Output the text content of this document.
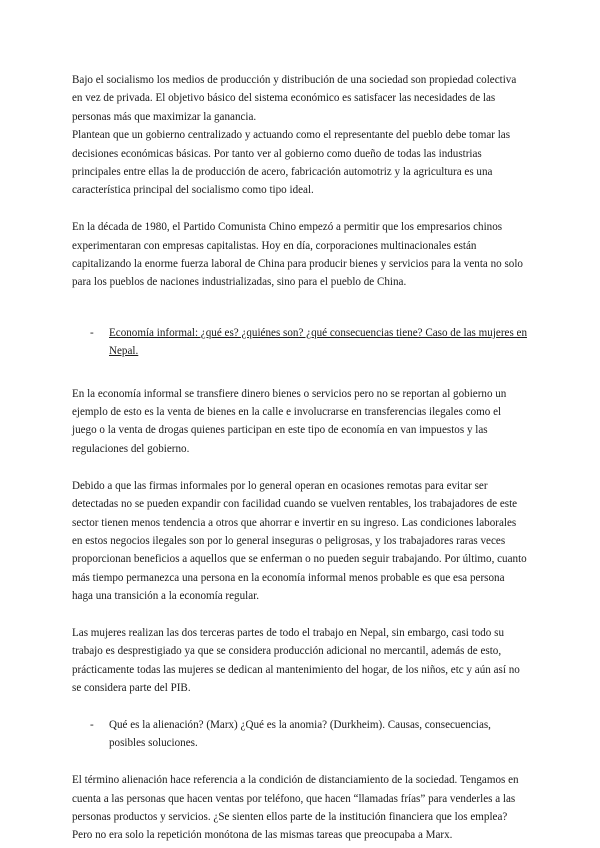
Bajo el socialismo los medios de producción y distribución de una sociedad son propiedad colectiva en vez de privada. El objetivo básico del sistema económico es satisfacer las necesidades de las personas más que maximizar la ganancia.

Plantean que un gobierno centralizado y actuando como el representante del pueblo debe tomar las decisiones económicas básicas. Por tanto ver al gobierno como dueño de todas las industrias principales entre ellas la de producción de acero, fabricación automotriz y la agricultura es una característica principal del socialismo como tipo ideal.

En la década de 1980, el Partido Comunista Chino empezó a permitir que los empresarios chinos experimentaran con empresas capitalistas. Hoy en día, corporaciones multinacionales están capitalizando la enorme fuerza laboral de China para producir bienes y servicios para la venta no solo para los pueblos de naciones industrializadas, sino para el pueblo de China.

- Economía informal: ¿qué es? ¿quiénes son? ¿qué consecuencias tiene? Caso de las mujeres en Nepal.

En la economía informal se transfiere dinero bienes o servicios pero no se reportan al gobierno un ejemplo de esto es la venta de bienes en la calle e involucrarse en transferencias ilegales como el juego o la venta de drogas quienes participan en este tipo de economía en van impuestos y las regulaciones del gobierno.

Debido a que las firmas informales por lo general operan en ocasiones remotas para evitar ser detectadas no se pueden expandir con facilidad cuando se vuelven rentables, los trabajadores de este sector tienen menos tendencia a otros que ahorrar e invertir en su ingreso. Las condiciones laborales en estos negocios ilegales son por lo general inseguras o peligrosas, y los trabajadores raras veces proporcionan beneficios a aquellos que se enferman o no pueden seguir trabajando. Por último, cuanto más tiempo permanezca una persona en la economía informal menos probable es que esa persona haga una transición a la economía regular.

Las mujeres realizan las dos terceras partes de todo el trabajo en Nepal, sin embargo, casi todo su trabajo es desprestigiado ya que se considera producción adicional no mercantil, además de esto, prácticamente todas las mujeres se dedican al mantenimiento del hogar, de los niños, etc y aún así no se considera parte del PIB.

- Qué es la alienación? (Marx) ¿Qué es la anomia? (Durkheim). Causas, consecuencias, posibles soluciones.

El término alienación hace referencia a la condición de distanciamiento de la sociedad. Tengamos en cuenta a las personas que hacen ventas por teléfono, que hacen “llamadas frías” para venderles a las personas productos y servicios. ¿Se sienten ellos parte de la institución financiera que los emplea? Pero no era solo la repetición monótona de las mismas tareas que preocupaba a Marx.
